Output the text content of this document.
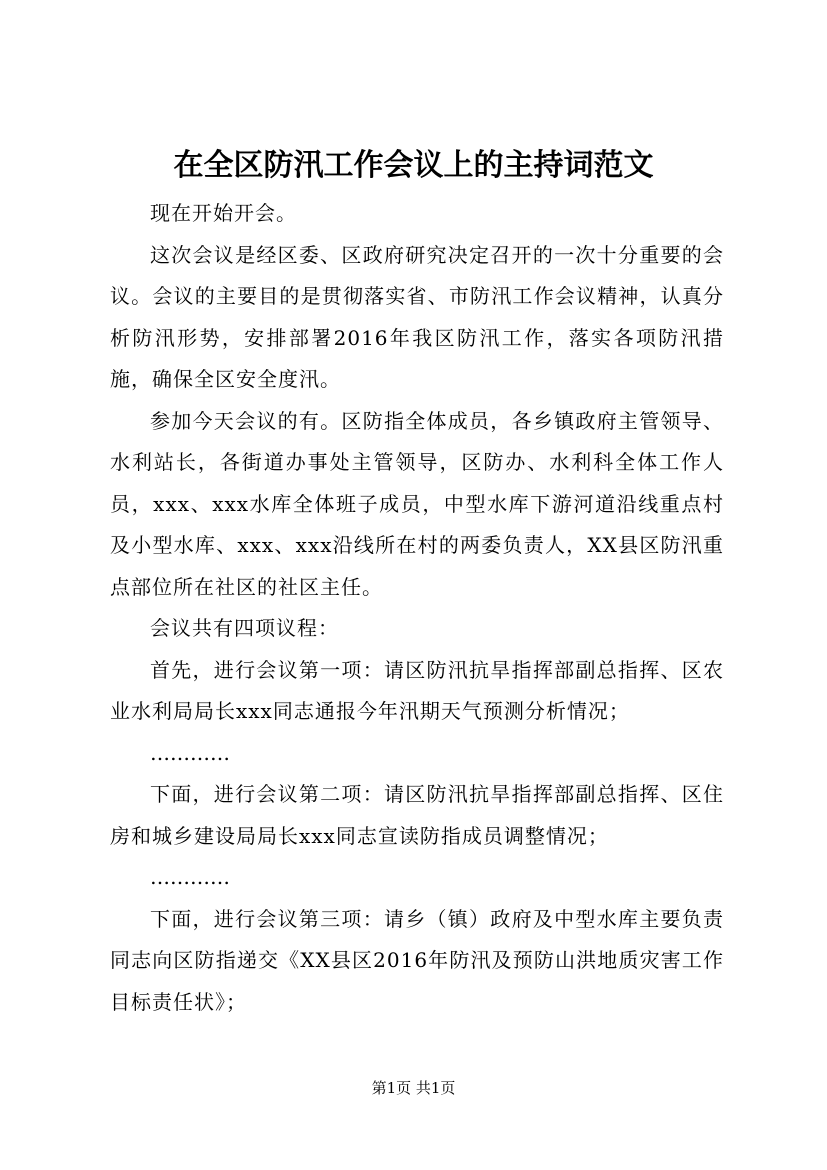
在全区防汛工作会议上的主持词范文

现在开始开会。

这次会议是经区委、区政府研究决定召开的一次十分重要的会议。会议的主要目的是贯彻落实省、市防汛工作会议精神，认真分析防汛形势，安排部署2016年我区防汛工作，落实各项防汛措施，确保全区安全度汛。

参加今天会议的有。区防指全体成员，各乡镇政府主管领导、水利站长，各街道办事处主管领导，区防办、水利科全体工作人员，xxx、xxx水库全体班子成员，中型水库下游河道沿线重点村及小型水库、xxx、xxx沿线所在村的两委负责人，XX县区防汛重点部位所在社区的社区主任。

会议共有四项议程：

首先，进行会议第一项：请区防汛抗旱指挥部副总指挥、区农业水利局局长xxx同志通报今年汛期天气预测分析情况；

…………

下面，进行会议第二项：请区防汛抗旱指挥部副总指挥、区住房和城乡建设局局长xxx同志宣读防指成员调整情况；

…………

下面，进行会议第三项：请乡（镇）政府及中型水库主要负责同志向区防指递交《XX县区2016年防汛及预防山洪地质灾害工作目标责任状》；

第1页 共1页
